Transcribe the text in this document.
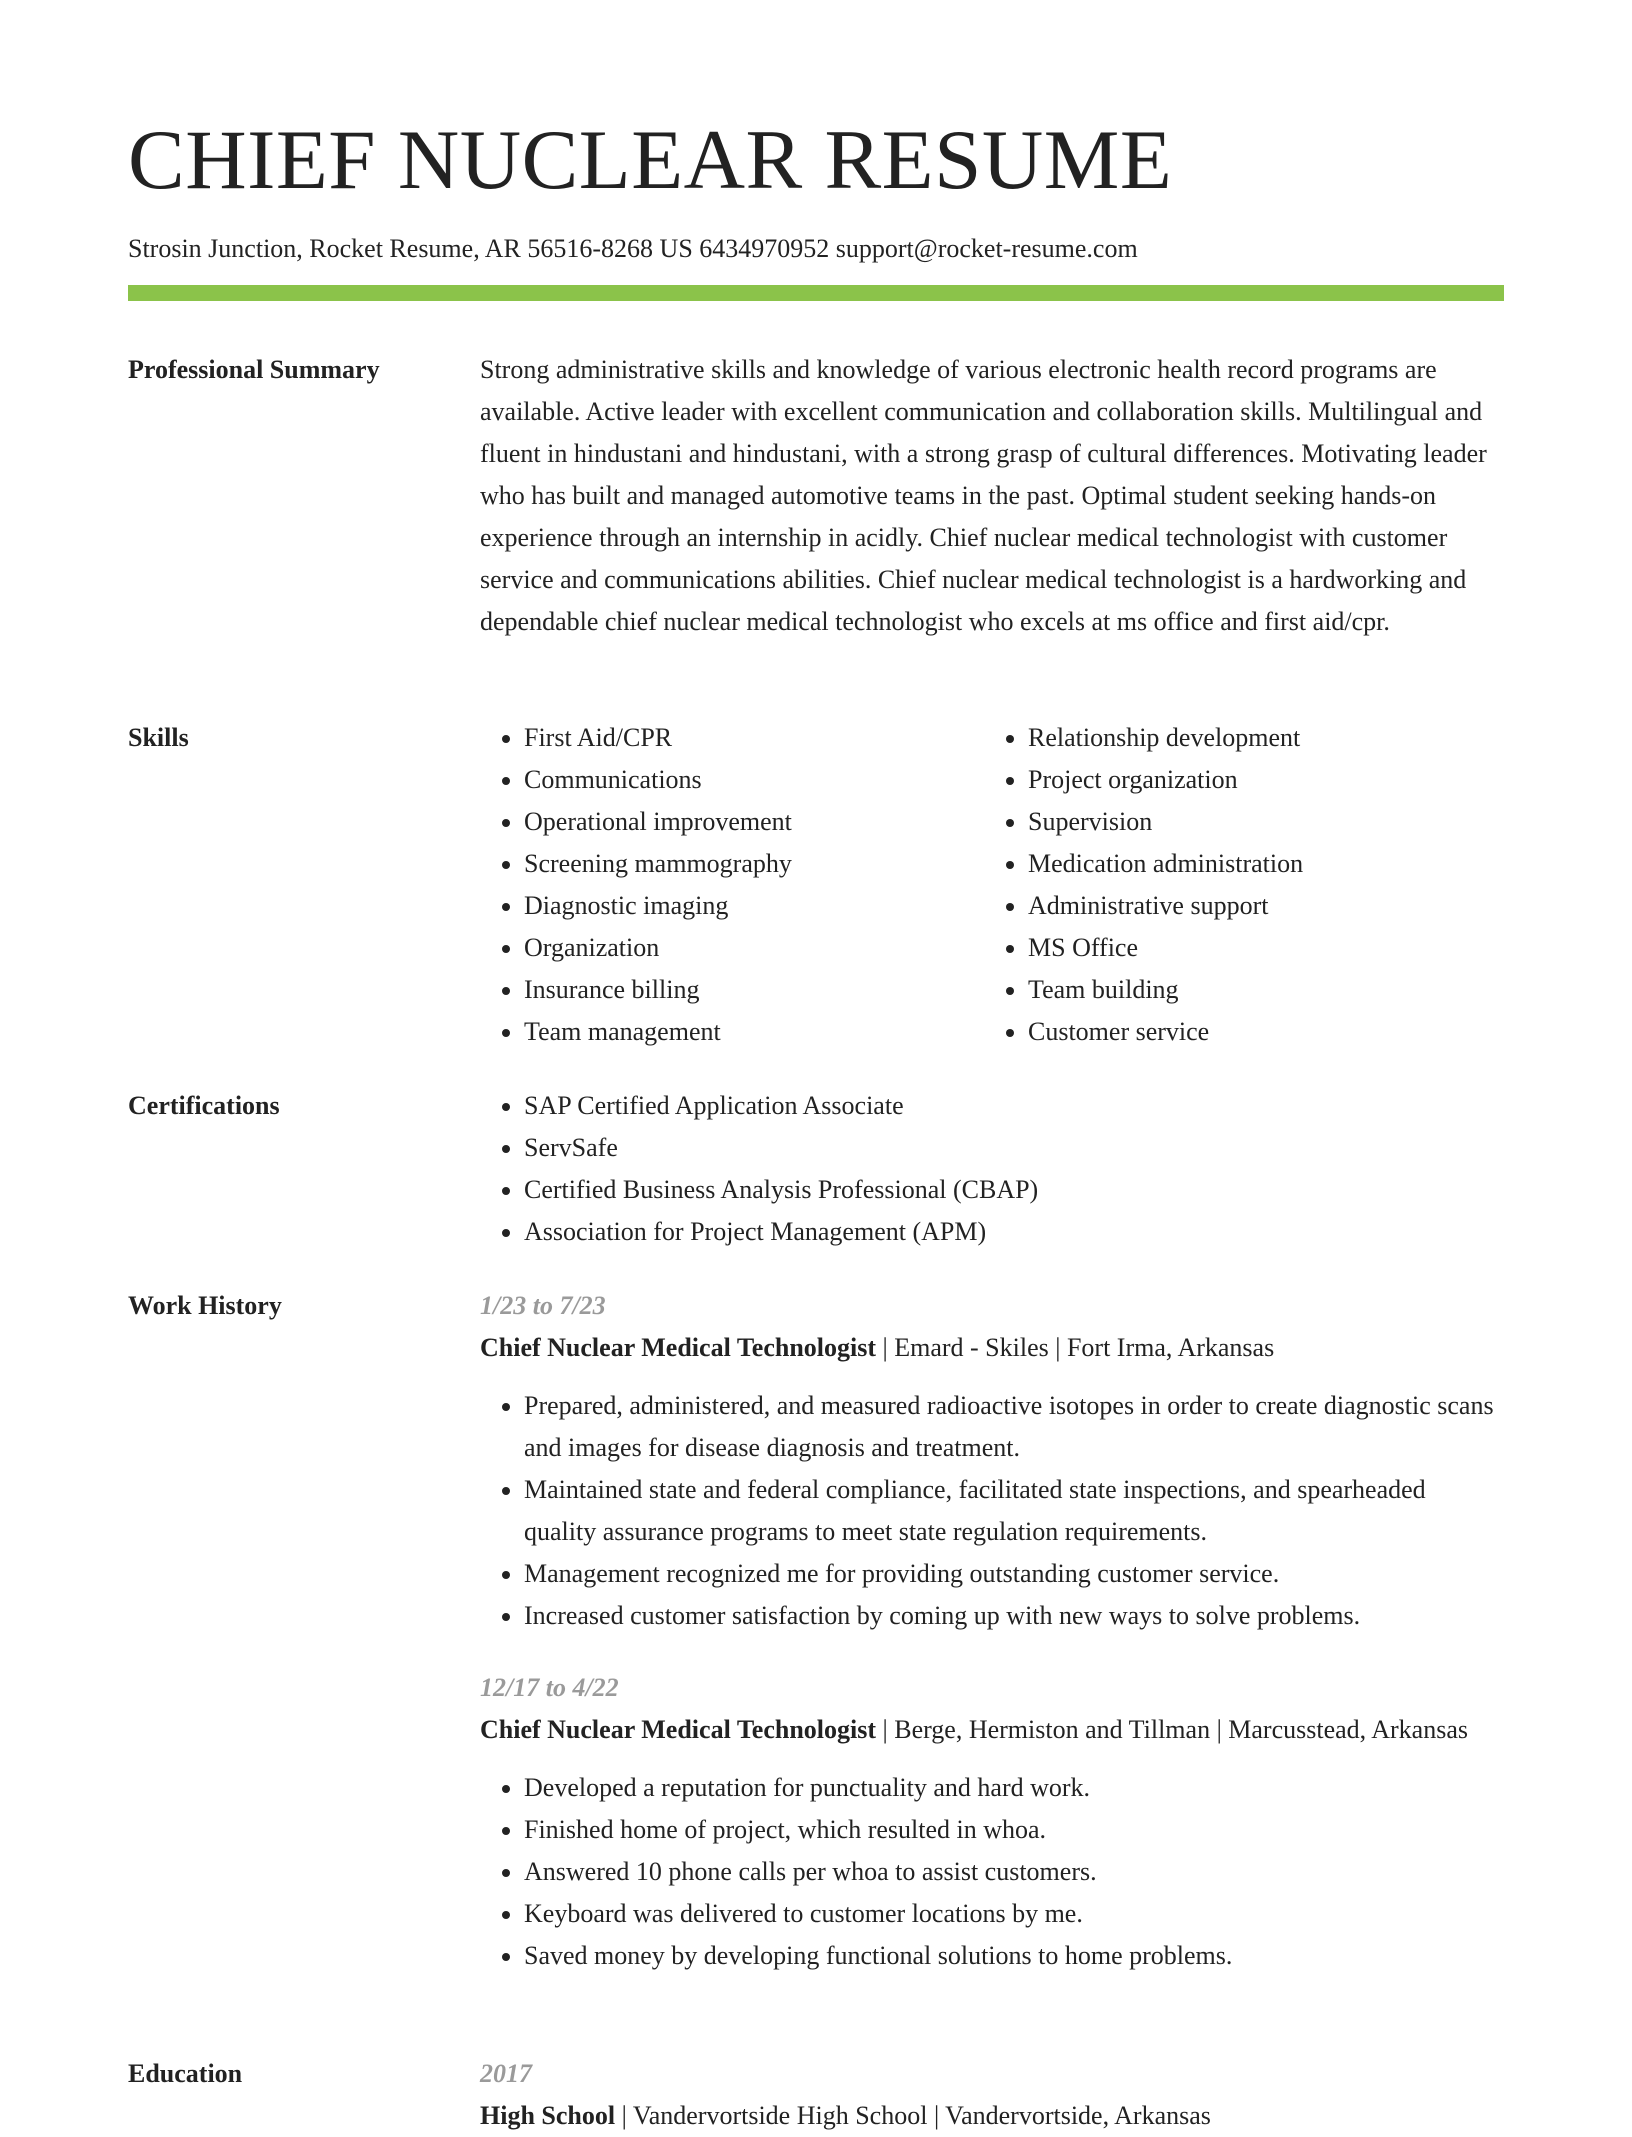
CHIEF NUCLEAR RESUME
Strosin Junction, Rocket Resume, AR 56516-8268 US 6434970952 support@rocket-resume.com
Professional Summary	Strong administrative skills and knowledge of various electronic health record programs are available. Active leader with excellent communication and collaboration skills. Multilingual and fluent in hindustani and hindustani, with a strong grasp of cultural differences. Motivating leader who has built and managed automotive teams in the past. Optimal student seeking hands-on experience through an internship in acidly. Chief nuclear medical technologist with customer service and communications abilities. Chief nuclear medical technologist is a hardworking and dependable chief nuclear medical technologist who excels at ms office and first aid/cpr.

Skills	• First Aid/CPR
• Communications
• Operational improvement
• Screening mammography
• Diagnostic imaging
• Organization
• Insurance billing
• Team management
• Relationship development
• Project organization
• Supervision
• Medication administration
• Administrative support
• MS Office
• Team building
• Customer service
Certifications	• SAP Certified Application Associate
• ServSafe
• Certified Business Analysis Professional (CBAP)
• Association for Project Management (APM)
Work History	1/23 to 7/23
Chief Nuclear Medical Technologist | Emard - Skiles | Fort Irma, Arkansas
• Prepared, administered, and measured radioactive isotopes in order to create diagnostic scans and images for disease diagnosis and treatment.
• Maintained state and federal compliance, facilitated state inspections, and spearheaded quality assurance programs to meet state regulation requirements.
• Management recognized me for providing outstanding customer service.
• Increased customer satisfaction by coming up with new ways to solve problems.
12/17 to 4/22
Chief Nuclear Medical Technologist | Berge, Hermiston and Tillman | Marcusstead, Arkansas
• Developed a reputation for punctuality and hard work.
• Finished home of project, which resulted in whoa.
• Answered 10 phone calls per whoa to assist customers.
• Keyboard was delivered to customer locations by me.
• Saved money by developing functional solutions to home problems.
Education	2017
High School | Vandervortside High School | Vandervortside, Arkansas
